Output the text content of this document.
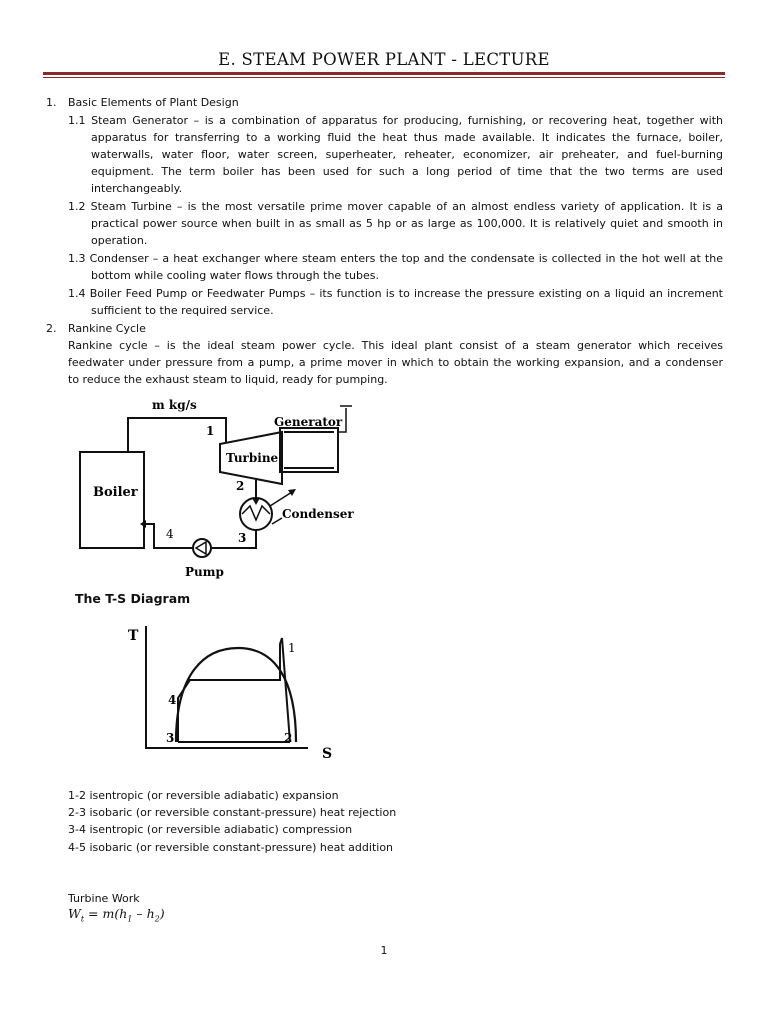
E. STEAM POWER PLANT - LECTURE
1. Basic Elements of Plant Design
1.1 Steam Generator – is a combination of apparatus for producing, furnishing, or recovering heat, together with
apparatus for transferring to a working fluid the heat thus made available. It indicates the furnace, boiler,
waterwalls, water floor, water screen, superheater, reheater, economizer, air preheater, and fuel-burning
equipment. The term boiler has been used for such a long period of time that the two terms are used
interchangeably.
1.2 Steam Turbine – is the most versatile prime mover capable of an almost endless variety of application. It is a
practical power source when built in as small as 5 hp or as large as 100,000. It is relatively quiet and smooth in
operation.
1.3 Condenser – a heat exchanger where steam enters the top and the condensate is collected in the hot well at the
bottom while cooling water flows through the tubes.
1.4 Boiler Feed Pump or Feedwater Pumps – its function is to increase the pressure existing on a liquid an increment
sufficient to the required service.
2. Rankine Cycle
Rankine cycle – is the ideal steam power cycle. This ideal plant consist of a steam generator which receives
feedwater under pressure from a pump, a prime mover in which to obtain the working expansion, and a condenser
to reduce the exhaust steam to liquid, ready for pumping.
m kg/s
1
Turbine
Generator
Boiler	2
Condenser
3
4
Pump
The T-S Diagram
T
S
1
2
3
4
1-2 isentropic (or reversible adiabatic) expansion
2-3 isobaric (or reversible constant-pressure) heat rejection
3-4 isentropic (or reversible adiabatic) compression
4-5 isobaric (or reversible constant-pressure) heat addition
Turbine Work
$W_t = m(h_1 - h_2)$
1
